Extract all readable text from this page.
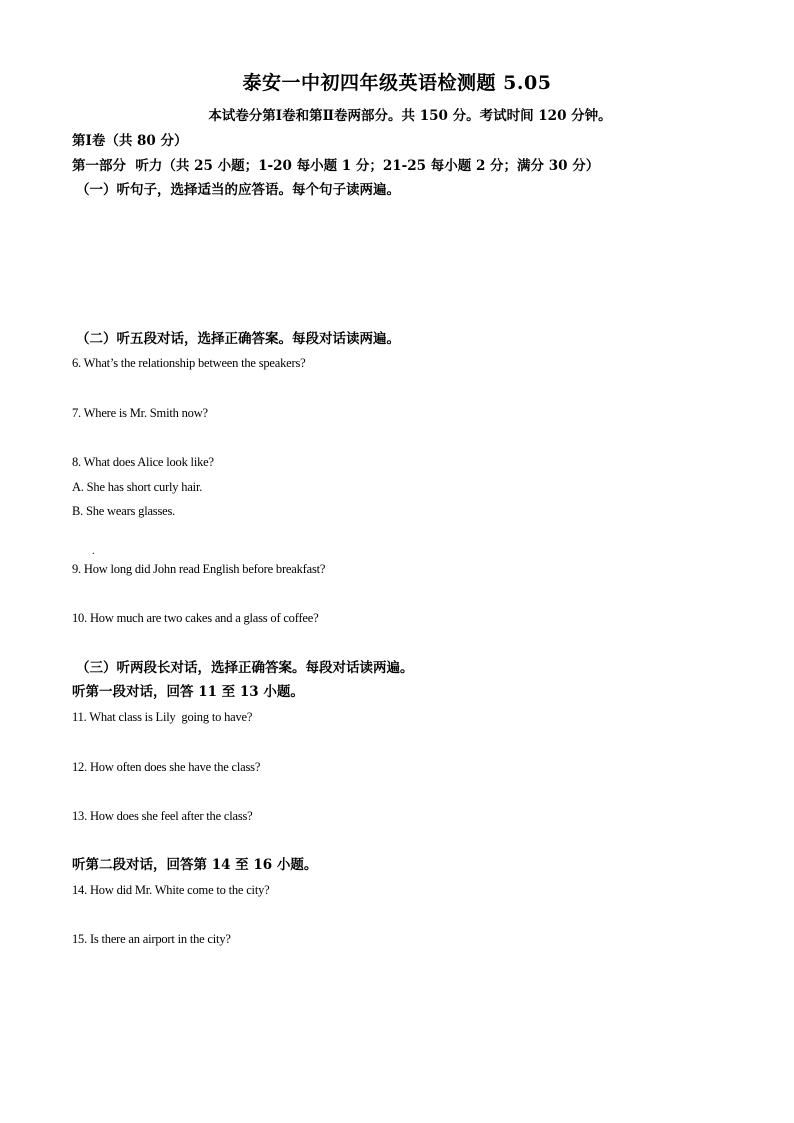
泰安一中初四年级英语检测题 5.05
本试卷分第Ⅰ卷和第Ⅱ卷两部分。共 150 分。考试时间 120 分钟。
第Ⅰ卷（共 80 分）
第一部分  听力（共 25 小题；1-20 每小题 1 分；21-25 每小题 2 分；满分 30 分）
（一）听句子，选择适当的应答语。每个句子读两遍。

（二）听五段对话，选择正确答案。每段对话读两遍。
6. What’s the relationship between the speakers?

7. Where is Mr. Smith now?

8. What does Alice look like?
A. She has short curly hair.
B. She wears glasses.

.

9. How long did John read English before breakfast?

10. How much are two cakes and a glass of coffee?

（三）听两段长对话，选择正确答案。每段对话读两遍。
听第一段对话，回答 11 至 13 小题。
11. What class is Lily  going to have?

12. How often does she have the class?

13. How does she feel after the class?

听第二段对话，回答第 14 至 16 小题。
14. How did Mr. White come to the city?

15. Is there an airport in the city?
